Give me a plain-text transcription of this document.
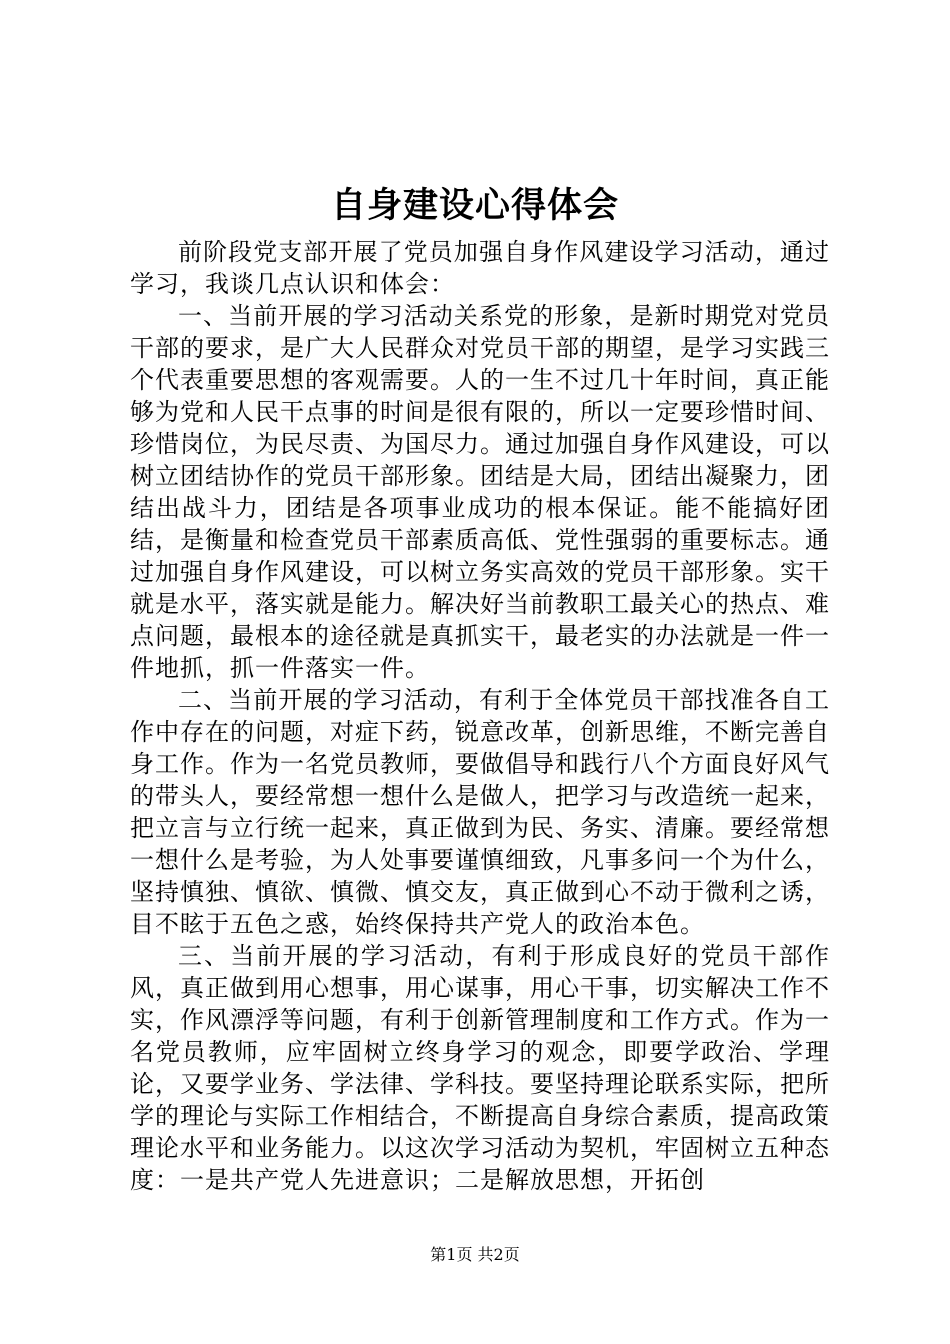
自身建设心得体会

前阶段党支部开展了党员加强自身作风建设学习活动，通过学习，我谈几点认识和体会：

一、当前开展的学习活动关系党的形象，是新时期党对党员干部的要求，是广大人民群众对党员干部的期望，是学习实践三个代表重要思想的客观需要。人的一生不过几十年时间，真正能够为党和人民干点事的时间是很有限的，所以一定要珍惜时间、珍惜岗位，为民尽责、为国尽力。通过加强自身作风建设，可以树立团结协作的党员干部形象。团结是大局，团结出凝聚力，团结出战斗力，团结是各项事业成功的根本保证。能不能搞好团结，是衡量和检查党员干部素质高低、党性强弱的重要标志。通过加强自身作风建设，可以树立务实高效的党员干部形象。实干就是水平，落实就是能力。解决好当前教职工最关心的热点、难点问题，最根本的途径就是真抓实干，最老实的办法就是一件一件地抓，抓一件落实一件。

二、当前开展的学习活动，有利于全体党员干部找准各自工作中存在的问题，对症下药，锐意改革，创新思维，不断完善自身工作。作为一名党员教师，要做倡导和践行八个方面良好风气的带头人，要经常想一想什么是做人，把学习与改造统一起来，把立言与立行统一起来，真正做到为民、务实、清廉。要经常想一想什么是考验，为人处事要谨慎细致，凡事多问一个为什么，坚持慎独、慎欲、慎微、慎交友，真正做到心不动于微利之诱，目不眩于五色之惑，始终保持共产党人的政治本色。

三、当前开展的学习活动，有利于形成良好的党员干部作风，真正做到用心想事，用心谋事，用心干事，切实解决工作不实，作风漂浮等问题，有利于创新管理制度和工作方式。作为一名党员教师，应牢固树立终身学习的观念，即要学政治、学理论，又要学业务、学法律、学科技。要坚持理论联系实际，把所学的理论与实际工作相结合，不断提高自身综合素质，提高政策理论水平和业务能力。以这次学习活动为契机，牢固树立五种态度：一是共产党人先进意识；二是解放思想，开拓创

第1页 共2页
